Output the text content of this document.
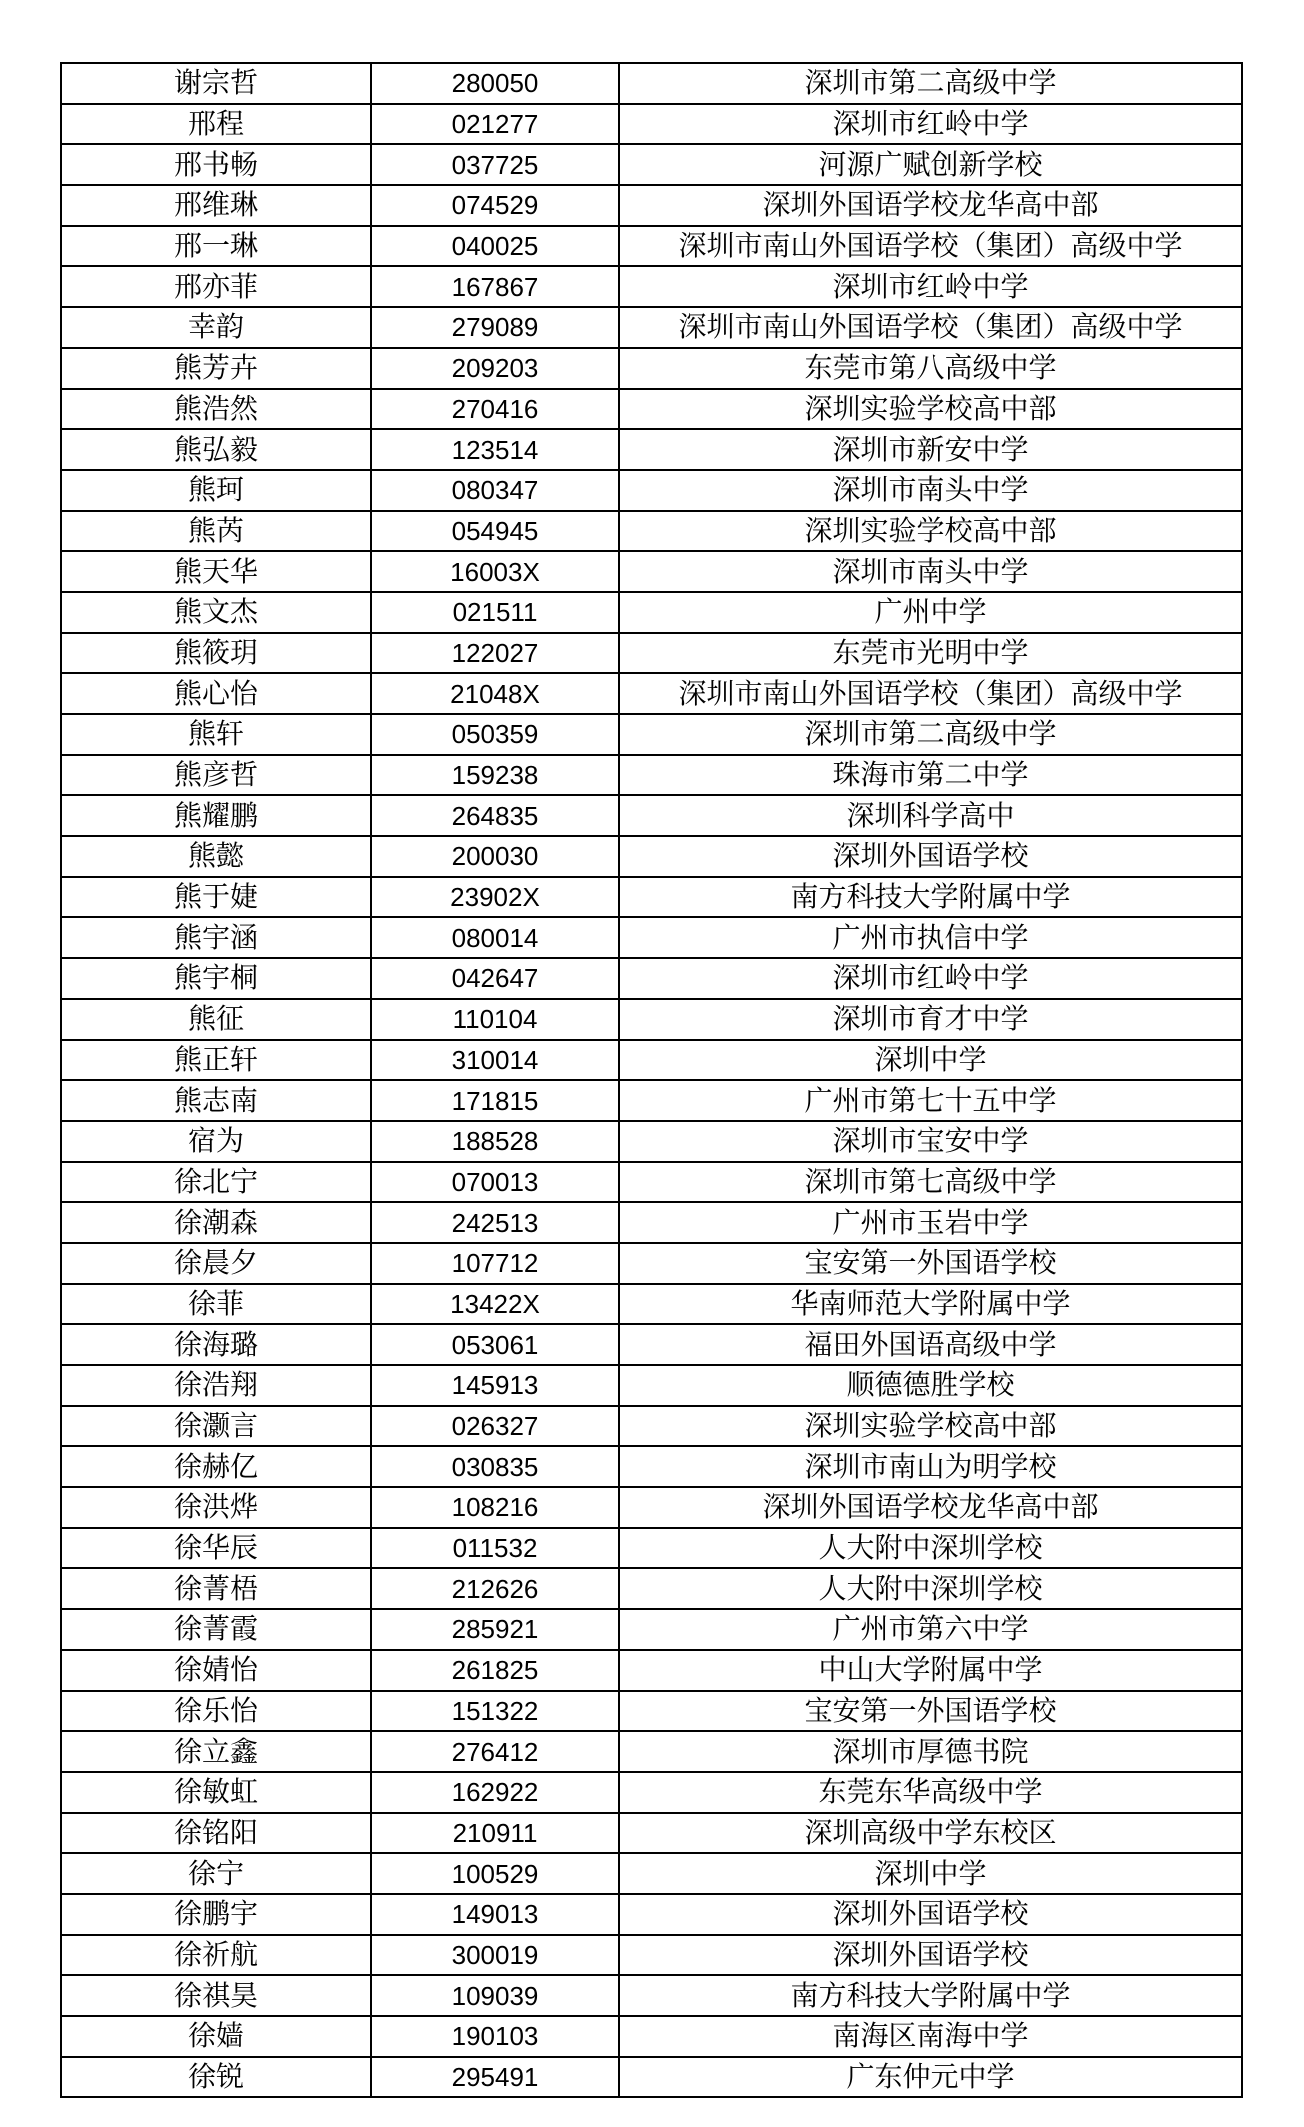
谢宗哲	280050	深圳市第二高级中学
邢程	021277	深圳市红岭中学
邢书畅	037725	河源广赋创新学校
邢维琳	074529	深圳外国语学校龙华高中部
邢一琳	040025	深圳市南山外国语学校（集团）高级中学
邢亦菲	167867	深圳市红岭中学
幸韵	279089	深圳市南山外国语学校（集团）高级中学
熊芳卉	209203	东莞市第八高级中学
熊浩然	270416	深圳实验学校高中部
熊弘毅	123514	深圳市新安中学
熊珂	080347	深圳市南头中学
熊芮	054945	深圳实验学校高中部
熊天华	16003X	深圳市南头中学
熊文杰	021511	广州中学
熊筱玥	122027	东莞市光明中学
熊心怡	21048X	深圳市南山外国语学校（集团）高级中学
熊轩	050359	深圳市第二高级中学
熊彦哲	159238	珠海市第二中学
熊耀鹏	264835	深圳科学高中
熊懿	200030	深圳外国语学校
熊于婕	23902X	南方科技大学附属中学
熊宇涵	080014	广州市执信中学
熊宇桐	042647	深圳市红岭中学
熊征	110104	深圳市育才中学
熊正轩	310014	深圳中学
熊志南	171815	广州市第七十五中学
宿为	188528	深圳市宝安中学
徐北宁	070013	深圳市第七高级中学
徐潮森	242513	广州市玉岩中学
徐晨夕	107712	宝安第一外国语学校
徐菲	13422X	华南师范大学附属中学
徐海璐	053061	福田外国语高级中学
徐浩翔	145913	顺德德胜学校
徐灏言	026327	深圳实验学校高中部
徐赫亿	030835	深圳市南山为明学校
徐洪烨	108216	深圳外国语学校龙华高中部
徐华辰	011532	人大附中深圳学校
徐菁梧	212626	人大附中深圳学校
徐菁霞	285921	广州市第六中学
徐婧怡	261825	中山大学附属中学
徐乐怡	151322	宝安第一外国语学校
徐立鑫	276412	深圳市厚德书院
徐敏虹	162922	东莞东华高级中学
徐铭阳	210911	深圳高级中学东校区
徐宁	100529	深圳中学
徐鹏宇	149013	深圳外国语学校
徐祈航	300019	深圳外国语学校
徐祺昊	109039	南方科技大学附属中学
徐嫱	190103	南海区南海中学
徐锐	295491	广东仲元中学
